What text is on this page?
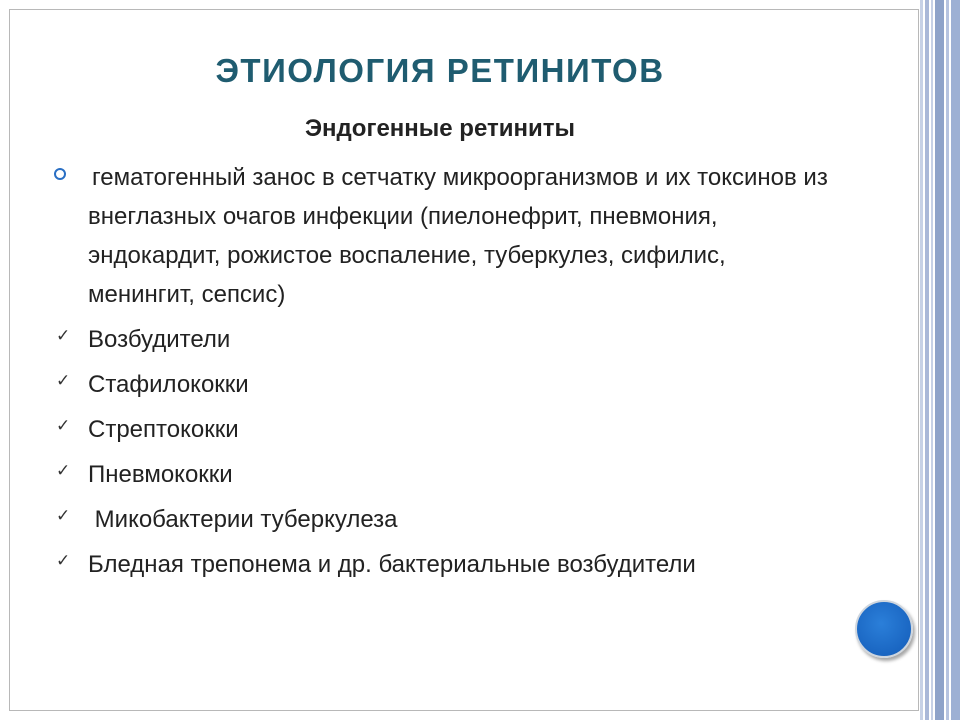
ЭТИОЛОГИЯ РЕТИНИТОВ
Эндогенные ретиниты
гематогенный занос в сетчатку микроорганизмов и их токсинов из внеглазных очагов инфекции (пиелонефрит, пневмония, эндокардит, рожистое воспаление, туберкулез, сифилис, менингит, сепсис)
✓ Возбудители
✓ Стафилококки
✓ Стрептококки
✓ Пневмококки
✓ Микобактерии туберкулеза
✓ Бледная трепонема и др. бактериальные возбудители
